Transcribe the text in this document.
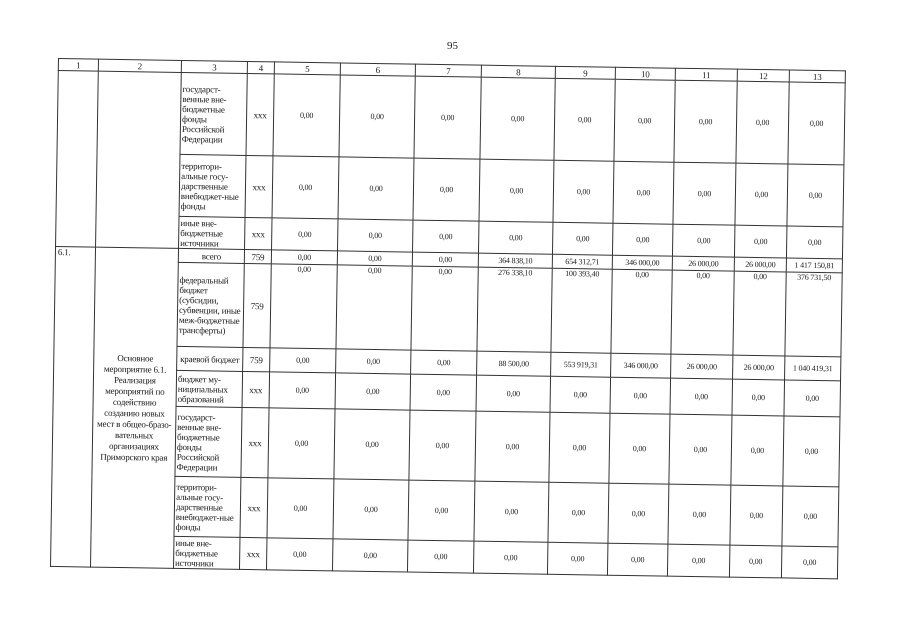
95
1	2	3	4	5	6	7	8	9	10	11	12	13
		государст-венные вне-бюджетные фонды Российской Федерации	ххх	0,00	0,00	0,00	0,00	0,00	0,00	0,00	0,00	0,00
		территори-альные госу-дарственные внебюджет-ные фонды	ххх	0,00	0,00	0,00	0,00	0,00	0,00	0,00	0,00	0,00
		иные вне-бюджетные источники	ххх	0,00	0,00	0,00	0,00	0,00	0,00	0,00	0,00	0,00
6.1.	Основное мероприятие 6.1. Реализация мероприятий по содействию созданию новых мест в общео-бразо-вательных организациях Приморского края	всего	759	0,00	0,00	0,00	364 838,10	654 312,71	346 000,00	26 000,00	26 000,00	1 417 150,81
		федеральный бюджет (субсидии, субвенции, иные меж-бюджетные трансферты)	759	0,00	0,00	0,00	276 338,10	100 393,40	0,00	0,00	0,00	376 731,50
		краевой бюджет	759	0,00	0,00	0,00	88 500,00	553 919,31	346 000,00	26 000,00	26 000,00	1 040 419,31
		бюджет му-ниципальных образований	ххх	0,00	0,00	0,00	0,00	0,00	0,00	0,00	0,00	0,00
		государст-венные вне-бюджетные фонды Российской Федерации	ххх	0,00	0,00	0,00	0,00	0,00	0,00	0,00	0,00	0,00
		территори-альные госу-дарственные внебюджет-ные фонды	ххх	0,00	0,00	0,00	0,00	0,00	0,00	0,00	0,00	0,00
		иные вне-бюджетные источники	ххх	0,00	0,00	0,00	0,00	0,00	0,00	0,00	0,00	0,00
